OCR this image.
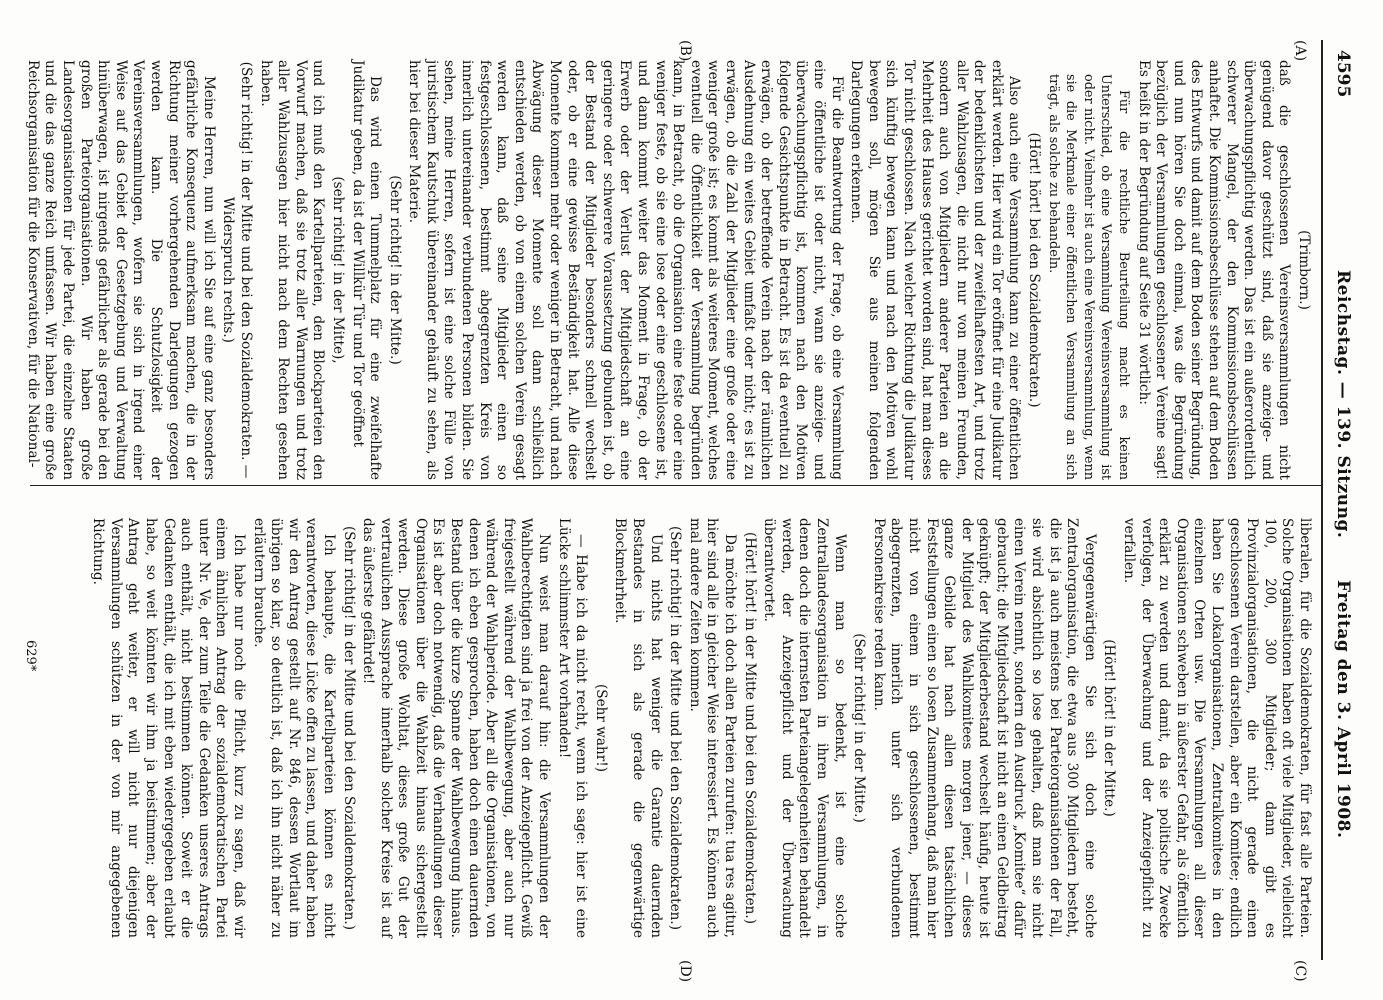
4595
Reichstag. — 139. Sitzung.
Freitag den 3. April 1908.
(A)
(B)
(C)
(D)

(Trimborn.)

daß die geschlossenen Vereinsversammlungen nicht genügend davor geschützt sind, daß sie anzeige- und überwachungspflichtig werden. Das ist ein außerordentlich schwerer Mangel, der den Kommissionsbeschlüssen anhaftet. Die Kommissionsbeschlüsse stehen auf dem Boden des Entwurfs und damit auf dem Boden seiner Begründung, und nun hören Sie doch einmal, was die Begründung bezüglich der Versammlungen geschlossener Vereine sagt! Es heißt in der Begründung auf Seite 31 wörtlich:

Für die rechtliche Beurteilung macht es keinen Unterschied, ob eine Versammlung Vereinsversammlung ist oder nicht. Vielmehr ist auch eine Vereinsversammlung, wenn sie die Merkmale einer öffentlichen Versammlung an sich trägt, als solche zu behandeln.

(Hört! hört! bei den Sozialdemokraten.)

Also auch eine Versammlung kann zu einer öffentlichen erklärt werden. Hier wird ein Tor eröffnet für eine Judikatur der bedenklichsten und der zweifelhaftesten Art, und trotz aller Wahlzusagen, die nicht nur von meinen Freunden, sondern auch von Mitgliedern anderer Parteien an die Mehrheit des Hauses gerichtet worden sind, hat man dieses Tor nicht geschlossen. Nach welcher Richtung die Judikatur sich künftig bewegen kann und nach den Motiven wohl bewegen soll, mögen Sie aus meinen folgenden Darlegungen erkennen.

Für die Beantwortung der Frage, ob eine Versammlung eine öffentliche ist oder nicht, wann sie anzeige- und überwachungspflichtig ist, kommen nach den Motiven folgende Gesichtspunkte in Betracht. Es ist da eventuell zu erwägen, ob der betreffende Verein nach der räumlichen Ausdehnung ein weites Gebiet umfaßt oder nicht; es ist zu erwägen, ob die Zahl der Mitglieder eine große oder eine weniger große ist; es kommt als weiteres Moment, welches eventuell die Öffentlichkeit der Versammlung begründen kann, in Betracht, ob die Organisation eine feste oder eine weniger feste, ob sie eine lose oder eine geschlossene ist, und dann kommt weiter das Moment in Frage, ob der Erwerb oder der Verlust der Mitgliedschaft an eine geringere oder schwerere Voraussetzung gebunden ist, ob der Bestand der Mitglieder besonders schnell wechselt oder, ob er eine gewisse Beständigkeit hat. Alle diese Momente kommen mehr oder weniger in Betracht, und nach Abwägung dieser Momente soll dann schließlich entschieden werden, ob von einem solchen Verein gesagt werden kann, daß seine Mitglieder einen so festgeschlossenen, bestimmt abgegrenzten Kreis von innerlich untereinander verbundenen Personen bilden. Sie sehen, meine Herren, sofern ist eine solche Fülle von juristischem Kautschuk übereinander gehäuft zu sehen, als hier bei dieser Materie.

(Sehr richtig! in der Mitte.)

Das wird einen Tummelplatz für eine zweifelhafte Judikatur geben, da ist der Willkür Tür und Tor geöffnet

(sehr richtig! in der Mitte),

und ich muß den Kartellparteien, den Blockparteien den Vorwurf machen, daß sie trotz aller Warnungen und trotz aller Wahlzusagen hier nicht nach dem Rechten gesehen haben.

(Sehr richtig! in der Mitte und bei den Sozialdemokraten. — Widerspruch rechts.)

Meine Herren, nun will ich Sie auf eine ganz besonders gefährliche Konsequenz aufmerksam machen, die in der Richtung meiner vorhergehenden Darlegungen gezogen werden kann. Die Schutzlosigkeit der Vereinsversammlungen, wofern sie sich in irgend einer Weise auf das Gebiet der Gesetzgebung und Verwaltung hinüberwagen, ist nirgends gefährlicher als gerade bei den großen Parteiorganisationen. Wir haben große Landesorganisationen für jede Partei, die einzelne Staaten und die das ganze Reich umfassen. Wir haben eine große Reichsorganisation für die Konservativen, für die National-

liberalen, für die Sozialdemokraten, für fast alle Parteien. Solche Organisationen haben oft viele Mitglieder, vielleicht 100, 200, 300 Mitglieder; dann gibt es Provinzialorganisationen, die nicht gerade einen geschlossenen Verein darstellen, aber ein Komitee; endlich haben Sie Lokalorganisationen, Zentralkomitees in den einzelnen Orten usw. Die Versammlungen all dieser Organisationen schweben in äußerster Gefahr, als öffentlich erklärt zu werden und damit, da sie politische Zwecke verfolgen, der Überwachung und der Anzeigepflicht zu verfallen.

(Hört! hört! in der Mitte.)

Vergegenwärtigen Sie sich doch eine solche Zentralorganisation, die etwa aus 300 Mitgliedern besteht, die ist ja auch meistens bei Parteiorganisationen der Fall, sie wird absichtlich so lose gehalten, daß man sie nicht einen Verein nennt, sondern den Ausdruck „Komitee“ dafür gebraucht; die Mitgliedschaft ist nicht an einen Geldbeitrag geknüpft; der Mitgliederbestand wechselt häufig, heute ist der Mitglied des Wahlkomitees morgen jener, — dieses ganze Gebilde hat nach allen diesen tatsächlichen Feststellungen einen so losen Zusammenhang, daß man hier nicht von einem in sich geschlossenen, bestimmt abgegrenzten, innerlich unter sich verbundenen Personenkreise reden kann.

(Sehr richtig! in der Mitte.)

Wenn man so bedenkt, ist eine solche Zentrallandesorganisation in ihren Versammlungen, in denen doch die internsten Parteiangelegenheiten behandelt werden, der Anzeigepflicht und der Überwachung überantwortet.

(Hört! hört! in der Mitte und bei den Sozialdemokraten.)

Da möchte ich doch allen Parteien zurufen: tua res agitur, hier sind alle in gleicher Weise interessiert. Es können auch mal andere Zeiten kommen.

(Sehr richtig! in der Mitte und bei den Sozialdemokraten.)

Und nichts hat weniger die Garantie dauernden Bestandes in sich als gerade die gegenwärtige Blockmehrheit.

(Sehr wahr!)

— Habe ich da nicht recht, wenn ich sage: hier ist eine Lücke schlimmster Art vorhanden!

Nun weist man darauf hin: die Versammlungen der Wahlberechtigten sind ja frei von der Anzeigepflicht. Gewiß freigestellt während der Wahlbewegung, aber auch nur während der Wahlperiode. Aber all die Organisationen, von denen ich eben gesprochen, haben doch einen dauernden Bestand über die kurze Spanne der Wahlbewegung hinaus. Es ist aber doch notwendig, daß die Verhandlungen dieser Organisationen über die Wahlzeit hinaus sichergestellt werden. Diese große Wohltat, dieses große Gut der vertraulichen Aussprache innerhalb solcher Kreise ist auf das äußerste gefährdet!

(Sehr richtig! in der Mitte und bei den Sozialdemokraten.)

Ich behaupte, die Kartellparteien können es nicht verantworten, diese Lücke offen zu lassen, und daher haben wir den Antrag gestellt auf Nr. 846, dessen Wortlaut im übrigen so klar, so deutlich ist, daß ich ihn nicht näher zu erläutern brauche.

Ich habe nur noch die Pflicht, kurz zu sagen, daß wir einem ähnlichen Antrag der sozialdemokratischen Partei unter Nr. Ve, der zum Teile die Gedanken unseres Antrags auch enthält, nicht bestimmen können. Soweit er die Gedanken enthält, die ich mit eben wiedergegeben erlaubt habe, so weit könnten wir ihm ja beistimmen; aber der Antrag geht weiter, er will nicht nur diejenigen Versammlungen schützen in der von mir angegebenen Richtung.

629*
